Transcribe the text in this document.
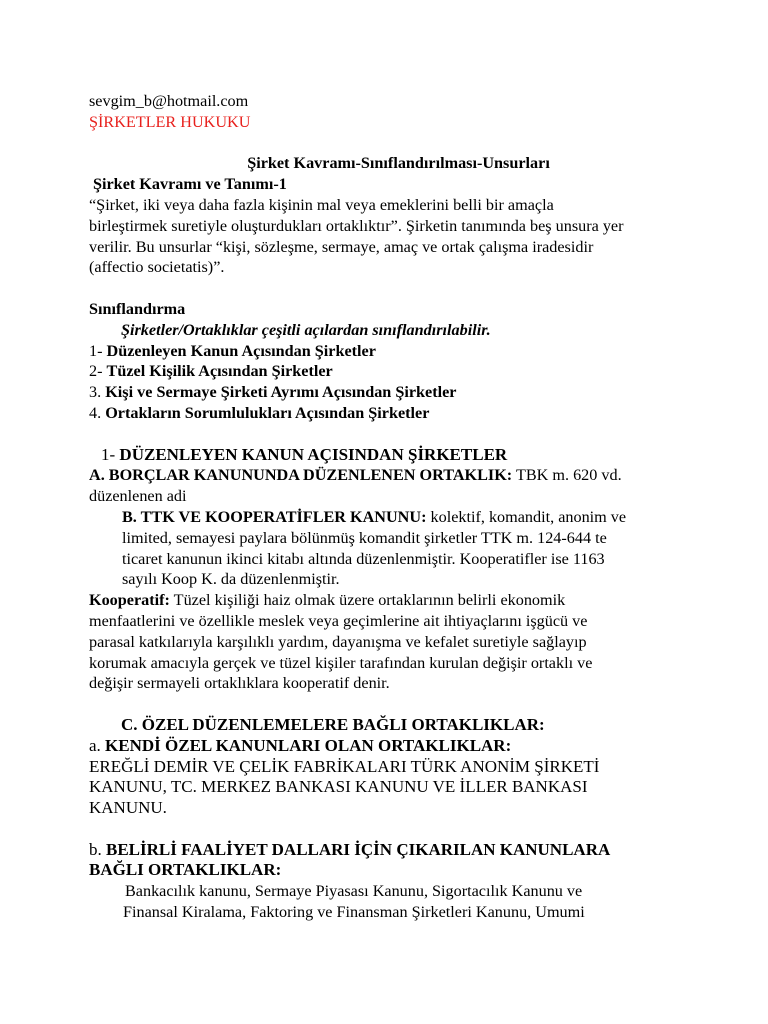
sevgim_b@hotmail.com

ŞİRKETLER HUKUKU

Şirket Kavramı-Sınıflandırılması-Unsurları

Şirket Kavramı ve Tanımı-1

“Şirket, iki veya daha fazla kişinin mal veya emeklerini belli bir amaçla

birleştirmek suretiyle oluşturdukları ortaklıktır”. Şirketin tanımında beş unsura yer

verilir. Bu unsurlar “kişi, sözleşme, sermaye, amaç ve ortak çalışma iradesidir

(affectio societatis)”.

Sınıflandırma

Şirketler/Ortaklıklar çeşitli açılardan sınıflandırılabilir.

1- Düzenleyen Kanun Açısından Şirketler

2- Tüzel Kişilik Açısından Şirketler

3. Kişi ve Sermaye Şirketi Ayrımı Açısından Şirketler

4. Ortakların Sorumlulukları Açısından Şirketler

1- DÜZENLEYEN KANUN AÇISINDAN ŞİRKETLER

A. BORÇLAR KANUNUNDA DÜZENLENEN ORTAKLIK: TBK m. 620 vd.

düzenlenen adi

B. TTK VE KOOPERATİFLER KANUNU: kolektif, komandit, anonim ve

limited, semayesi paylara bölünmüş komandit şirketler TTK m. 124-644 te

ticaret kanunun ikinci kitabı altında düzenlenmiştir. Kooperatifler ise 1163

sayılı Koop K. da düzenlenmiştir.

Kooperatif: Tüzel kişiliği haiz olmak üzere ortaklarının belirli ekonomik

menfaatlerini ve özellikle meslek veya geçimlerine ait ihtiyaçlarını işgücü ve

parasal katkılarıyla karşılıklı yardım, dayanışma ve kefalet suretiyle sağlayıp

korumak amacıyla gerçek ve tüzel kişiler tarafından kurulan değişir ortaklı ve

değişir sermayeli ortaklıklara kooperatif denir.

C. ÖZEL DÜZENLEMELERE BAĞLI ORTAKLIKLAR:

a. KENDİ ÖZEL KANUNLARI OLAN ORTAKLIKLAR:

EREĞLİ DEMİR VE ÇELİK FABRİKALARI TÜRK ANONİM ŞİRKETİ

KANUNU, TC. MERKEZ BANKASI KANUNU VE İLLER BANKASI

KANUNU.

b. BELİRLİ FAALİYET DALLARI İÇİN ÇIKARILAN KANUNLARA

BAĞLI ORTAKLIKLAR:

Bankacılık kanunu, Sermaye Piyasası Kanunu, Sigortacılık Kanunu ve

Finansal Kiralama, Faktoring ve Finansman Şirketleri Kanunu, Umumi
